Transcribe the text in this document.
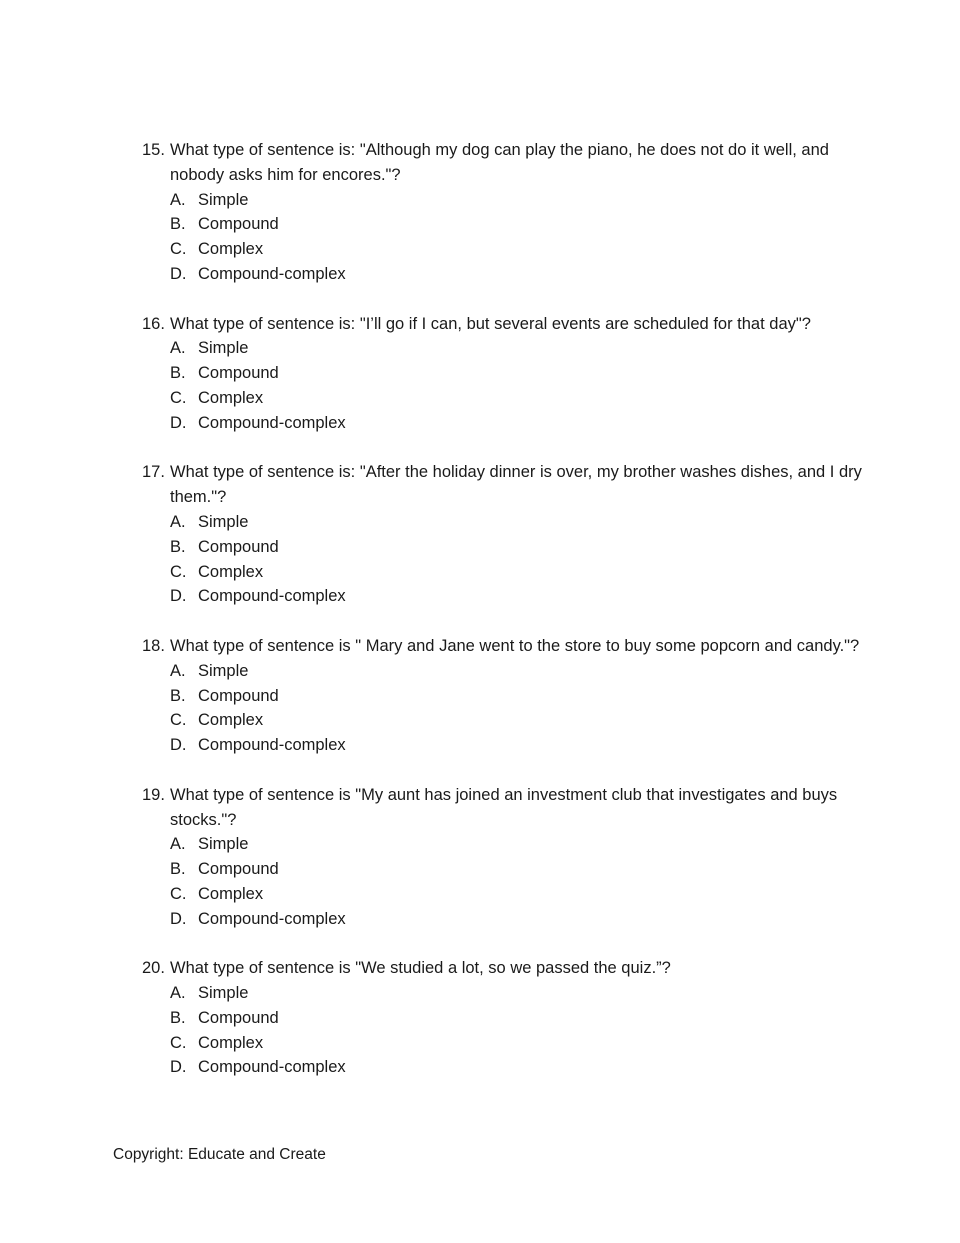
15. What type of sentence is: "Although my dog can play the piano, he does not do it well, and nobody asks him for encores."?
A. Simple
B. Compound
C. Complex
D. Compound-complex
16. What type of sentence is: "I’ll go if I can, but several events are scheduled for that day"?
A. Simple
B. Compound
C. Complex
D. Compound-complex
17. What type of sentence is: "After the holiday dinner is over, my brother washes dishes, and I dry them."?
A. Simple
B. Compound
C. Complex
D. Compound-complex
18. What type of sentence is " Mary and Jane went to the store to buy some popcorn and candy."?
A. Simple
B. Compound
C. Complex
D. Compound-complex
19. What type of sentence is "My aunt has joined an investment club that investigates and buys stocks."?
A. Simple
B. Compound
C. Complex
D. Compound-complex
20. What type of sentence is "We studied a lot, so we passed the quiz.”?
A. Simple
B. Compound
C. Complex
D. Compound-complex
Copyright: Educate and Create
